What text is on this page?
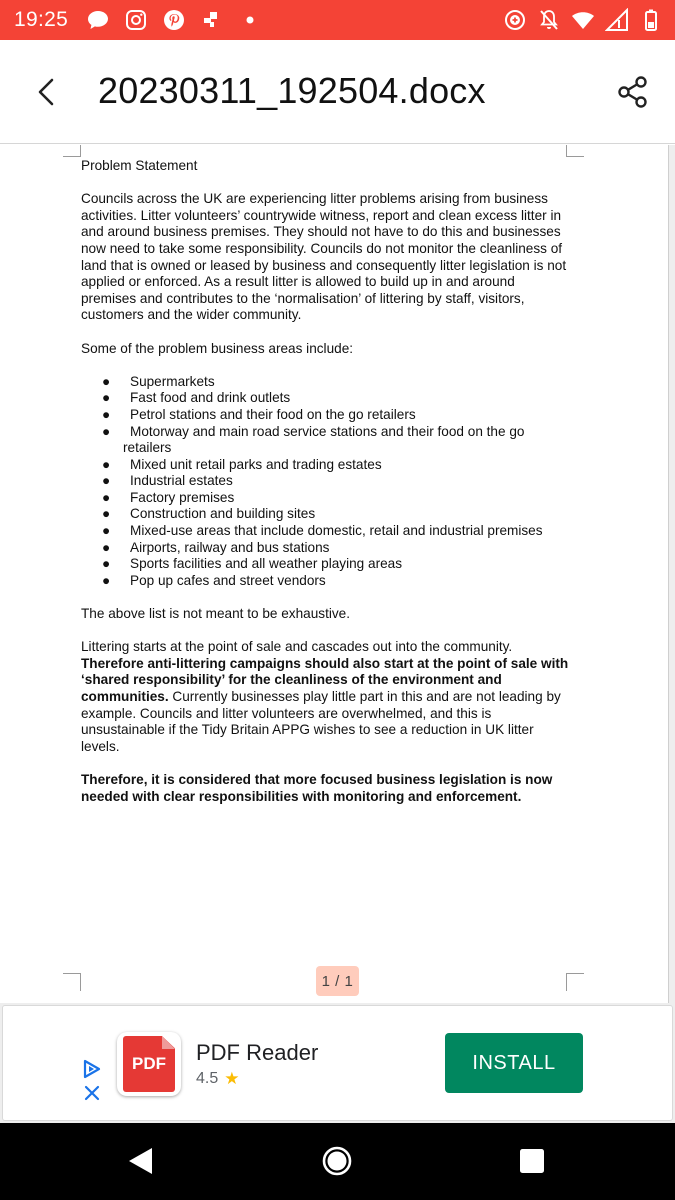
19:25
20230311_192504.docx

Problem Statement

Councils across the UK are experiencing litter problems arising from business activities. Litter volunteers’ countrywide witness, report and clean excess litter in and around business premises. They should not have to do this and businesses now need to take some responsibility. Councils do not monitor the cleanliness of land that is owned or leased by business and consequently litter legislation is not applied or enforced. As a result litter is allowed to build up in and around premises and contributes to the ‘normalisation’ of littering by staff, visitors, customers and the wider community.

Some of the problem business areas include:

● Supermarkets
● Fast food and drink outlets
● Petrol stations and their food on the go retailers
● Motorway and main road service stations and their food on the go
retailers
● Mixed unit retail parks and trading estates
● Industrial estates
● Factory premises
● Construction and building sites
● Mixed-use areas that include domestic, retail and industrial premises
● Airports, railway and bus stations
● Sports facilities and all weather playing areas
● Pop up cafes and street vendors

The above list is not meant to be exhaustive.

Littering starts at the point of sale and cascades out into the community. Therefore anti-littering campaigns should also start at the point of sale with ‘shared responsibility’ for the cleanliness of the environment and communities. Currently businesses play little part in this and are not leading by example. Councils and litter volunteers are overwhelmed, and this is unsustainable if the Tidy Britain APPG wishes to see a reduction in UK litter levels.

Therefore, it is considered that more focused business legislation is now needed with clear responsibilities with monitoring and enforcement.

1 / 1
PDF	PDF Reader
4.5 ★
INSTALL
